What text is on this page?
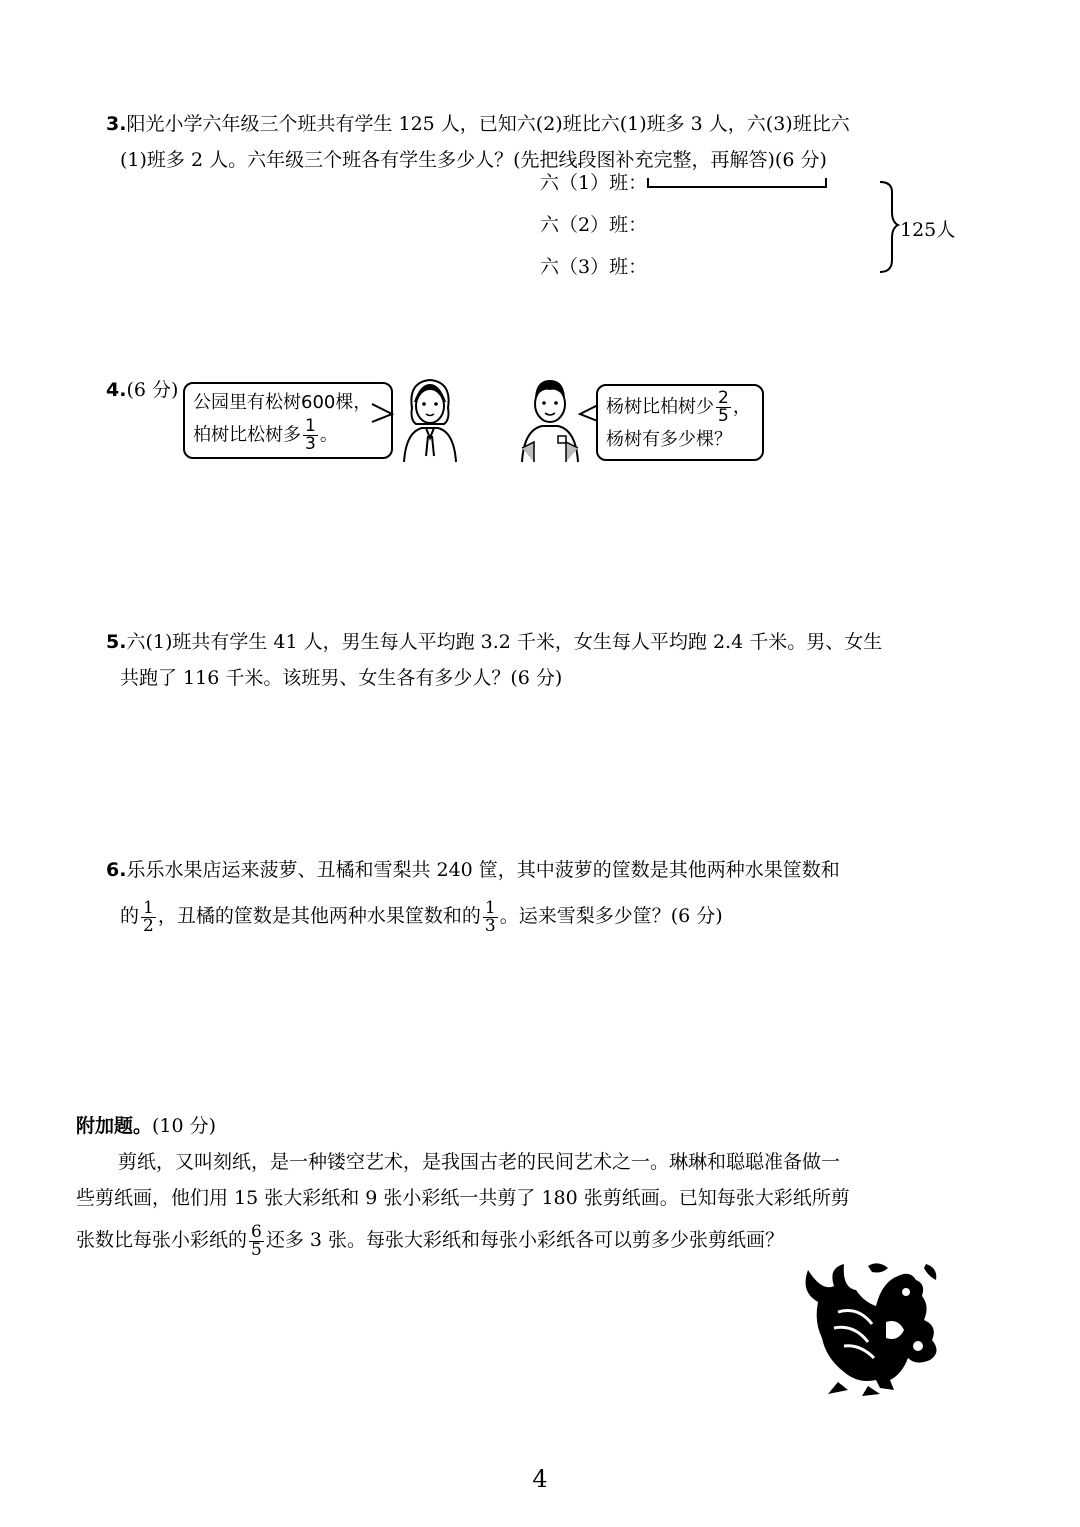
3.阳光小学六年级三个班共有学生 125 人，已知六(2)班比六(1)班多 3 人，六(3)班比六
(1)班多 2 人。六年级三个班各有学生多少人？(先把线段图补充完整，再解答)(6 分)
六（1）班：
六（2）班：
六（3）班：
125人
4.(6 分)
公园里有松树600棵，
柏树比松树多 $\frac{1}{3}$ 。
杨树比柏树少 $\frac{2}{5}$ ，
杨树有多少棵？
5.六(1)班共有学生 41 人，男生每人平均跑 3.2 千米，女生每人平均跑 2.4 千米。男、女生
共跑了 116 千米。该班男、女生各有多少人？(6 分)
6.乐乐水果店运来菠萝、丑橘和雪梨共 240 筐，其中菠萝的筐数是其他两种水果筐数和
的 $\frac{1}{2}$ ，丑橘的筐数是其他两种水果筐数和的 $\frac{1}{3}$ 。运来雪梨多少筐？(6 分)
附加题。(10 分)
剪纸，又叫刻纸，是一种镂空艺术，是我国古老的民间艺术之一。琳琳和聪聪准备做一
些剪纸画，他们用 15 张大彩纸和 9 张小彩纸一共剪了 180 张剪纸画。已知每张大彩纸所剪
张数比每张小彩纸的 $\frac{6}{5}$ 还多 3 张。每张大彩纸和每张小彩纸各可以剪多少张剪纸画？
4
